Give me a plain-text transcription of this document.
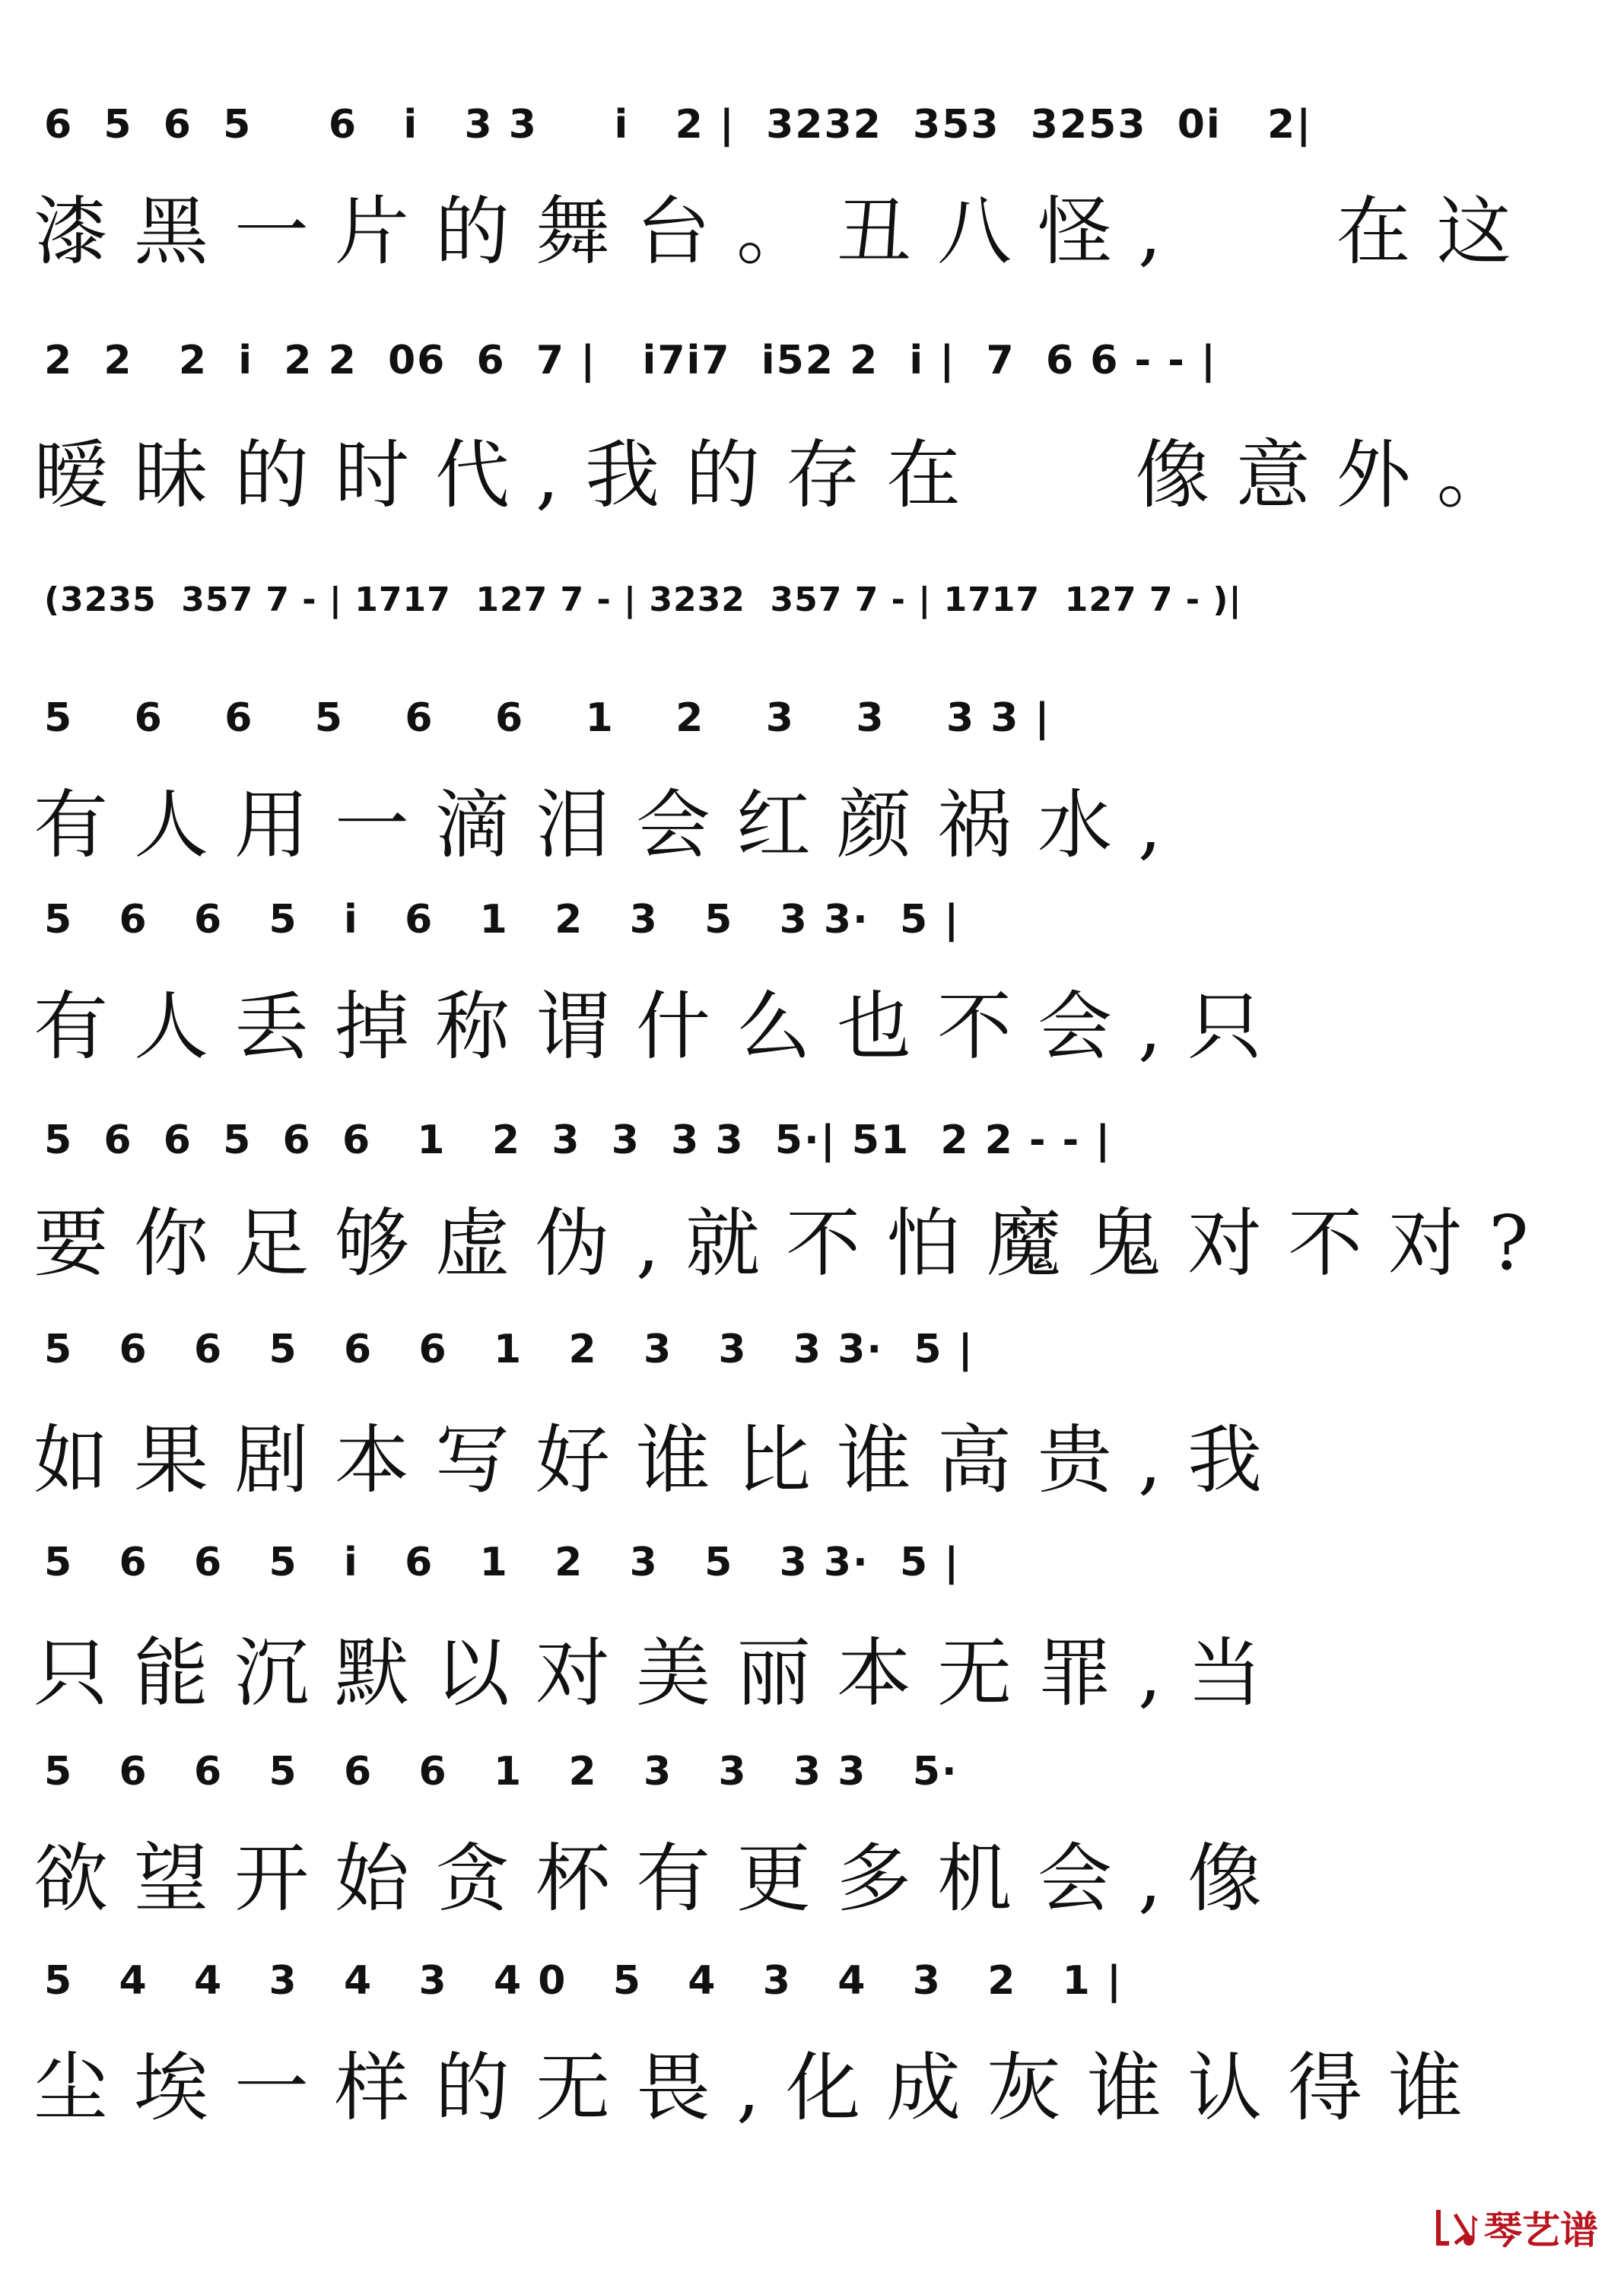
6  5  6  5     6   i   3 3     i   2 |  3232  353  3253  0i   2|
漆黑一片的舞台。丑八怪,   在这
2  2   2  i  2 2  06  6  7 |   i7i7  i52 2  i |  7  6 6 - - |
暧昧的时代,我的存在   像意外。
(3235  357 7 - | 1717  127 7 - | 3232  357 7 - | 1717  127 7 - )|
5    6    6    5    6    6    1    2    3    3    3 3 |
有人用一滴泪会红颜祸水,
5   6   6   5   i   6   1   2   3   5   3 3·  5 |
有人丢掉称谓什么也不会,只
5  6  6  5  6  6   1   2  3  3  3 3  5·| 51  2 2 - - |
要你足够虚伪,就不怕魔鬼对不对?
5   6   6   5   6   6   1   2   3   3   3 3·  5 |
如果剧本写好谁比谁高贵,我
5   6   6   5   i   6   1   2   3   5   3 3·  5 |
只能沉默以对美丽本无罪,当
5   6   6   5   6   6   1   2   3   3   3 3   5·
欲望开始贪杯有更多机会,像
5   4   4   3   4   3   4 0   5   4   3   4   3   2   1 |
尘埃一样的无畏,化成灰谁认得谁
琴艺谱
